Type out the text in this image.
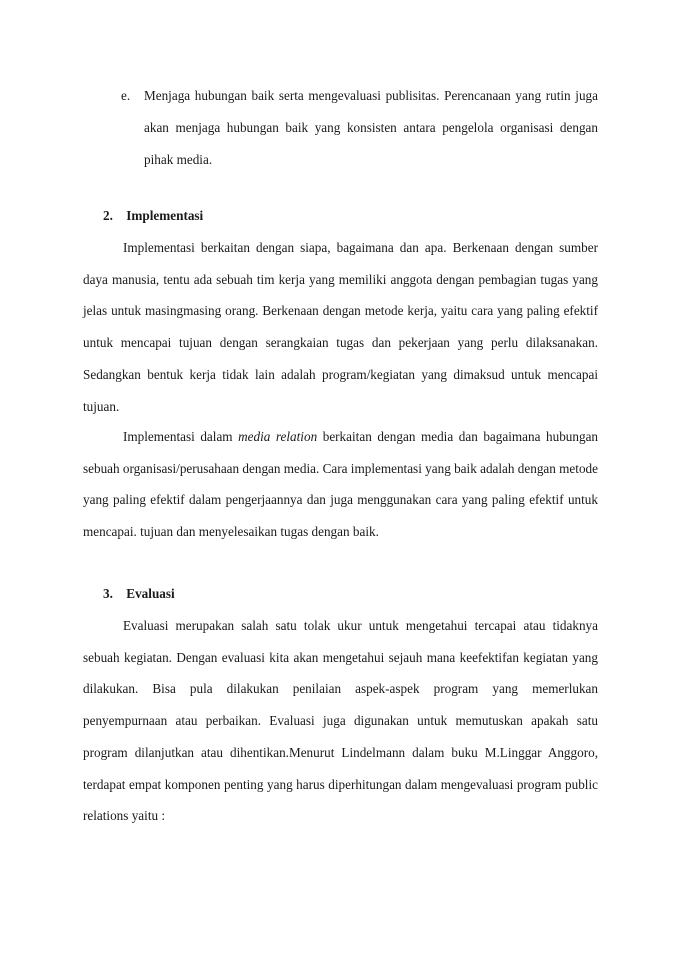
e. Menjaga hubungan baik serta mengevaluasi publisitas. Perencanaan yang rutin juga akan menjaga hubungan baik yang konsisten antara pengelola organisasi dengan pihak media.
2. Implementasi

Implementasi berkaitan dengan siapa, bagaimana dan apa. Berkenaan dengan sumber daya manusia, tentu ada sebuah tim kerja yang memiliki anggota dengan pembagian tugas yang jelas untuk masingmasing orang. Berkenaan dengan metode kerja, yaitu cara yang paling efektif untuk mencapai tujuan dengan serangkaian tugas dan pekerjaan yang perlu dilaksanakan. Sedangkan bentuk kerja tidak lain adalah program/kegiatan yang dimaksud untuk mencapai tujuan.

Implementasi dalam media relation berkaitan dengan media dan bagaimana hubungan sebuah organisasi/perusahaan dengan media. Cara implementasi yang baik adalah dengan metode yang paling efektif dalam pengerjaannya dan juga menggunakan cara yang paling efektif untuk mencapai. tujuan dan menyelesaikan tugas dengan baik.

3. Evaluasi

Evaluasi merupakan salah satu tolak ukur untuk mengetahui tercapai atau tidaknya sebuah kegiatan. Dengan evaluasi kita akan mengetahui sejauh mana keefektifan kegiatan yang dilakukan. Bisa pula dilakukan penilaian aspek-aspek program yang memerlukan penyempurnaan atau perbaikan. Evaluasi juga digunakan untuk memutuskan apakah satu program dilanjutkan atau dihentikan.Menurut Lindelmann dalam buku M.Linggar Anggoro, terdapat empat komponen penting yang harus diperhitungan dalam mengevaluasi program public relations yaitu :
